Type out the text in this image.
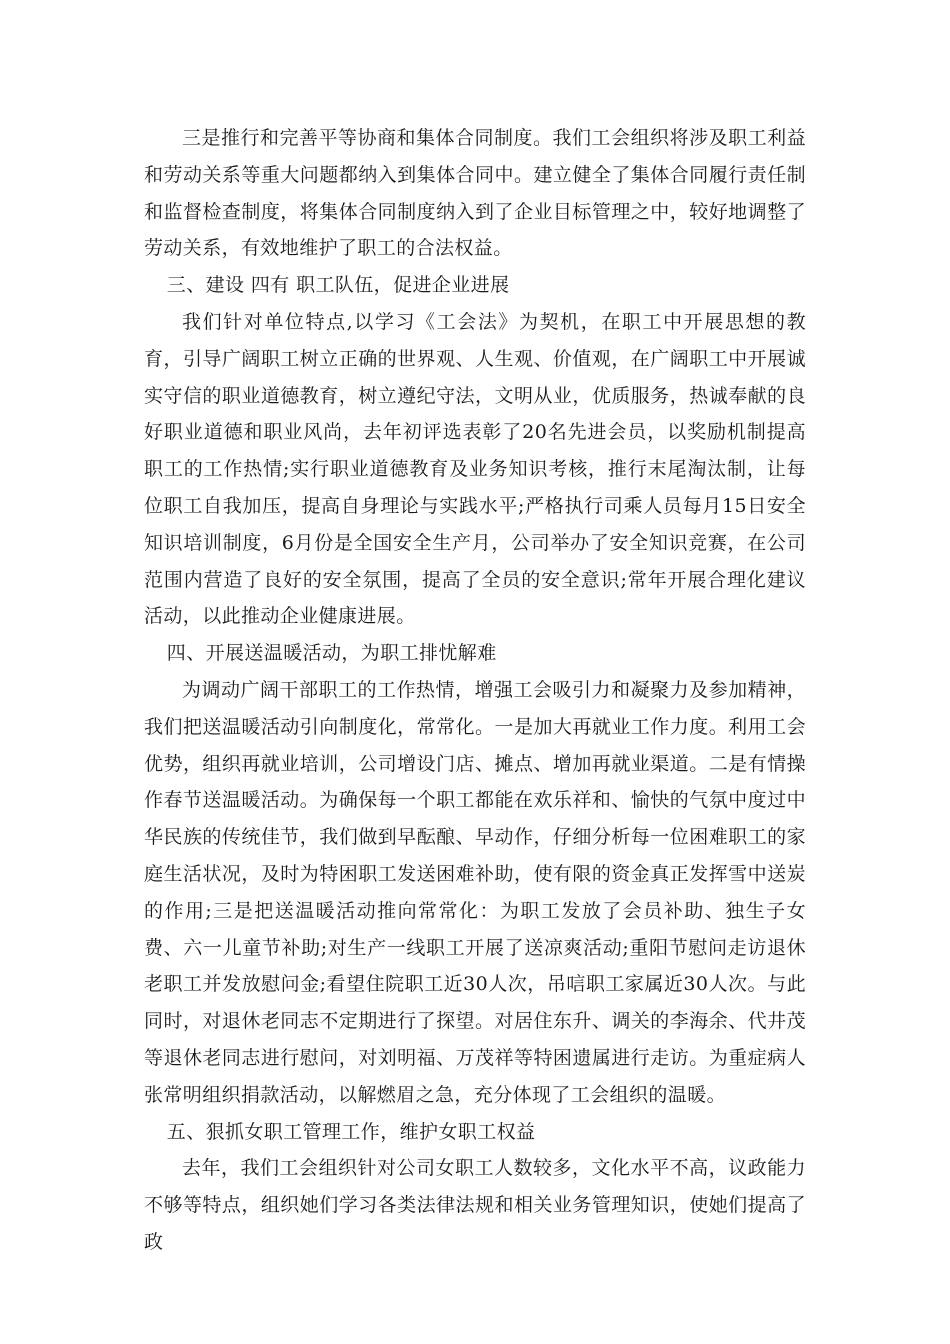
三是推行和完善平等协商和集体合同制度。我们工会组织将涉及职工利益和劳动关系等重大问题都纳入到集体合同中。建立健全了集体合同履行责任制和监督检查制度，将集体合同制度纳入到了企业目标管理之中，较好地调整了劳动关系，有效地维护了职工的合法权益。

三、建设 四有 职工队伍，促进企业进展

我们针对单位特点,以学习《工会法》为契机，在职工中开展思想的教育，引导广阔职工树立正确的世界观、人生观、价值观，在广阔职工中开展诚实守信的职业道德教育，树立遵纪守法，文明从业，优质服务，热诚奉献的良好职业道德和职业风尚，去年初评选表彰了20名先进会员，以奖励机制提高职工的工作热情;实行职业道德教育及业务知识考核，推行末尾淘汰制，让每位职工自我加压，提高自身理论与实践水平;严格执行司乘人员每月15日安全知识培训制度，6月份是全国安全生产月，公司举办了安全知识竞赛，在公司范围内营造了良好的安全氛围，提高了全员的安全意识;常年开展合理化建议活动，以此推动企业健康进展。

四、开展送温暖活动，为职工排忧解难

为调动广阔干部职工的工作热情，增强工会吸引力和凝聚力及参加精神，我们把送温暖活动引向制度化，常常化。一是加大再就业工作力度。利用工会优势，组织再就业培训，公司增设门店、摊点、增加再就业渠道。二是有情操作春节送温暖活动。为确保每一个职工都能在欢乐祥和、愉快的气氛中度过中华民族的传统佳节，我们做到早酝酿、早动作，仔细分析每一位困难职工的家庭生活状况，及时为特困职工发送困难补助，使有限的资金真正发挥雪中送炭的作用;三是把送温暖活动推向常常化：为职工发放了会员补助、独生子女费、六一儿童节补助;对生产一线职工开展了送凉爽活动;重阳节慰问走访退休老职工并发放慰问金;看望住院职工近30人次，吊唁职工家属近30人次。与此同时，对退休老同志不定期进行了探望。对居住东升、调关的李海余、代井茂等退休老同志进行慰问，对刘明福、万茂祥等特困遗属进行走访。为重症病人张常明组织捐款活动，以解燃眉之急，充分体现了工会组织的温暖。

五、狠抓女职工管理工作，维护女职工权益

去年，我们工会组织针对公司女职工人数较多，文化水平不高，议政能力不够等特点，组织她们学习各类法律法规和相关业务管理知识，使她们提高了政
